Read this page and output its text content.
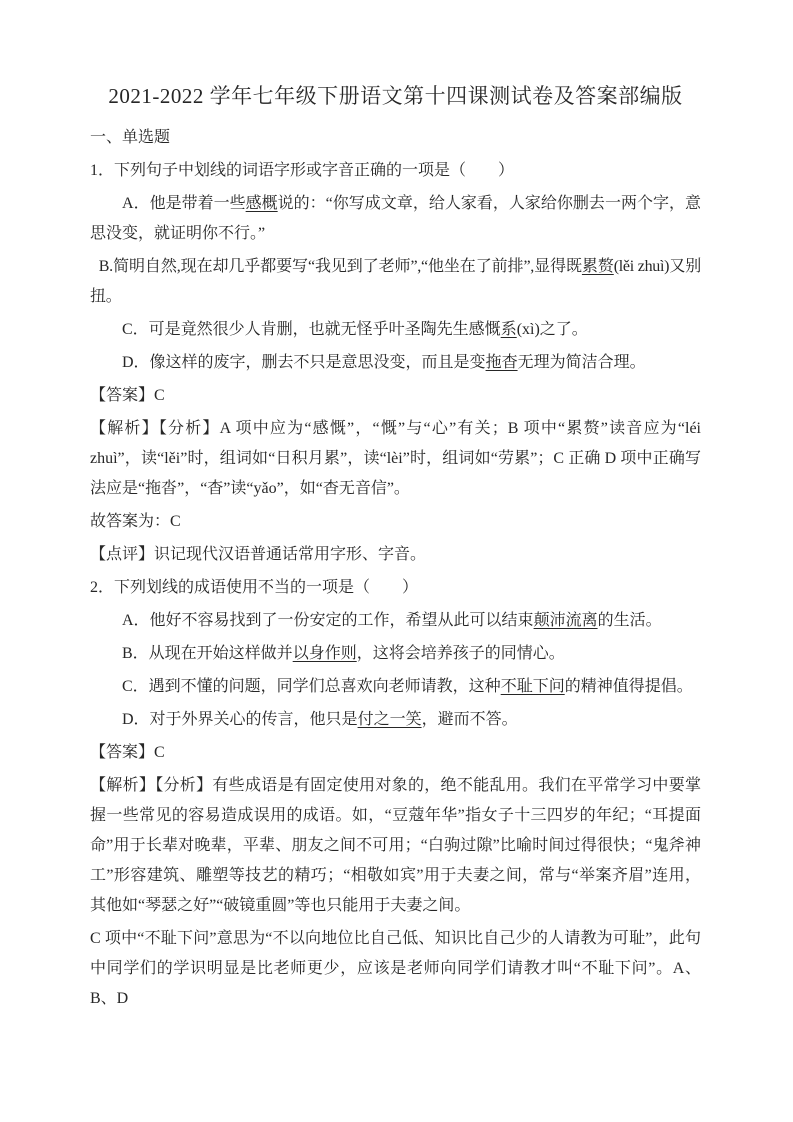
2021-2022 学年七年级下册语文第十四课测试卷及答案部编版
一、单选题

1．下列句子中划线的词语字形或字音正确的一项是（　　）

A．他是带着一些感概说的：“你写成文章，给人家看，人家给你删去一两个字，意思没变，就证明你不行。”

B.简明自然,现在却几乎都要写“我见到了老师”,“他坐在了前排”,显得既累赘(lěi zhuì)又别扭。

C．可是竟然很少人肯删，也就无怪乎叶圣陶先生感慨系(xì)之了。

D．像这样的废字，删去不只是意思没变，而且是变拖杳无理为简洁合理。

【答案】C

【解析】【分析】A 项中应为“感慨”，“慨”与“心”有关；B 项中“累赘”读音应为“léi zhuì”，读“lěi”时，组词如“日积月累”，读“lèi”时，组词如“劳累”；C 正确 D 项中正确写法应是“拖沓”，“杳”读“yǎo”，如“杳无音信”。

故答案为：C

【点评】识记现代汉语普通话常用字形、字音。

2．下列划线的成语使用不当的一项是（　　）

A．他好不容易找到了一份安定的工作，希望从此可以结束颠沛流离的生活。

B．从现在开始这样做并以身作则，这将会培养孩子的同情心。

C．遇到不懂的问题，同学们总喜欢向老师请教，这种不耻下问的精神值得提倡。

D．对于外界关心的传言，他只是付之一笑，避而不答。

【答案】C

【解析】【分析】有些成语是有固定使用对象的，绝不能乱用。我们在平常学习中要掌握一些常见的容易造成误用的成语。如，“豆蔻年华”指女子十三四岁的年纪；“耳提面命”用于长辈对晚辈，平辈、朋友之间不可用；“白驹过隙”比喻时间过得很快；“鬼斧神工”形容建筑、雕塑等技艺的精巧；“相敬如宾”用于夫妻之间，常与“举案齐眉”连用，其他如“琴瑟之好”“破镜重圆”等也只能用于夫妻之间。

C 项中“不耻下问”意思为“不以向地位比自己低、知识比自己少的人请教为可耻”，此句中同学们的学识明显是比老师更少，应该是老师向同学们请教才叫“不耻下问”。A、B、D
